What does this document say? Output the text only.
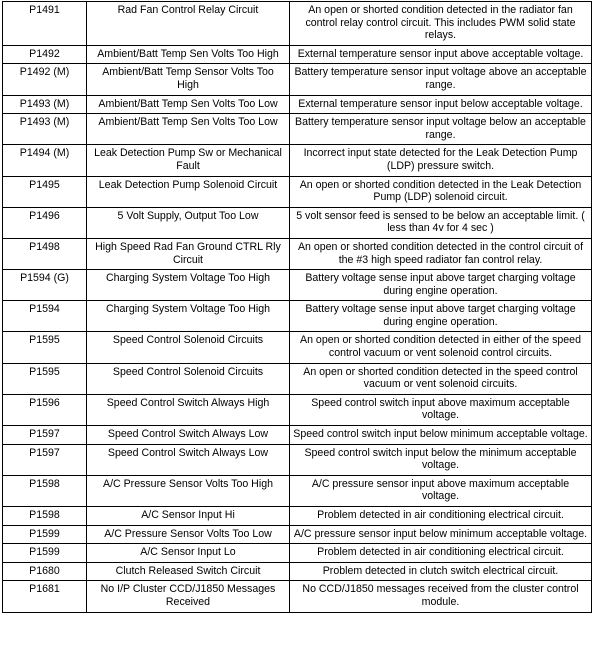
P1491	Rad Fan Control Relay Circuit	An open or shorted condition detected in the radiator fan control relay control circuit. This includes PWM solid state relays.
P1492	Ambient/Batt Temp Sen Volts Too High	External temperature sensor input above acceptable voltage.
P1492 (M)	Ambient/Batt Temp Sensor Volts Too High	Battery temperature sensor input voltage above an acceptable range.
P1493 (M)	Ambient/Batt Temp Sen Volts Too Low	External temperature sensor input below acceptable voltage.
P1493 (M)	Ambient/Batt Temp Sen Volts Too Low	Battery temperature sensor input voltage below an acceptable range.
P1494 (M)	Leak Detection Pump Sw or Mechanical Fault	Incorrect input state detected for the Leak Detection Pump (LDP) pressure switch.
P1495	Leak Detection Pump Solenoid Circuit	An open or shorted condition detected in the Leak Detection Pump (LDP) solenoid circuit.
P1496	5 Volt Supply, Output Too Low	5 volt sensor feed is sensed to be below an acceptable limit. ( less than 4v for 4 sec )
P1498	High Speed Rad Fan Ground CTRL Rly Circuit	An open or shorted condition detected in the control circuit of the #3 high speed radiator fan control relay.
P1594 (G)	Charging System Voltage Too High	Battery voltage sense input above target charging voltage during engine operation.
P1594	Charging System Voltage Too High	Battery voltage sense input above target charging voltage during engine operation.
P1595	Speed Control Solenoid Circuits	An open or shorted condition detected in either of the speed control vacuum or vent solenoid control circuits.
P1595	Speed Control Solenoid Circuits	An open or shorted condition detected in the speed control vacuum or vent solenoid circuits.
P1596	Speed Control Switch Always High	Speed control switch input above maximum acceptable voltage.
P1597	Speed Control Switch Always Low	Speed control switch input below minimum acceptable voltage.
P1597	Speed Control Switch Always Low	Speed control switch input below the minimum acceptable voltage.
P1598	A/C Pressure Sensor Volts Too High	A/C pressure sensor input above maximum acceptable voltage.
P1598	A/C Sensor Input Hi	Problem detected in air conditioning electrical circuit.
P1599	A/C Pressure Sensor Volts Too Low	A/C pressure sensor input below minimum acceptable voltage.
P1599	A/C Sensor Input Lo	Problem detected in air conditioning electrical circuit.
P1680	Clutch Released Switch Circuit	Problem detected in clutch switch electrical circuit.
P1681	No I/P Cluster CCD/J1850 Messages Received	No CCD/J1850 messages received from the cluster control module.
